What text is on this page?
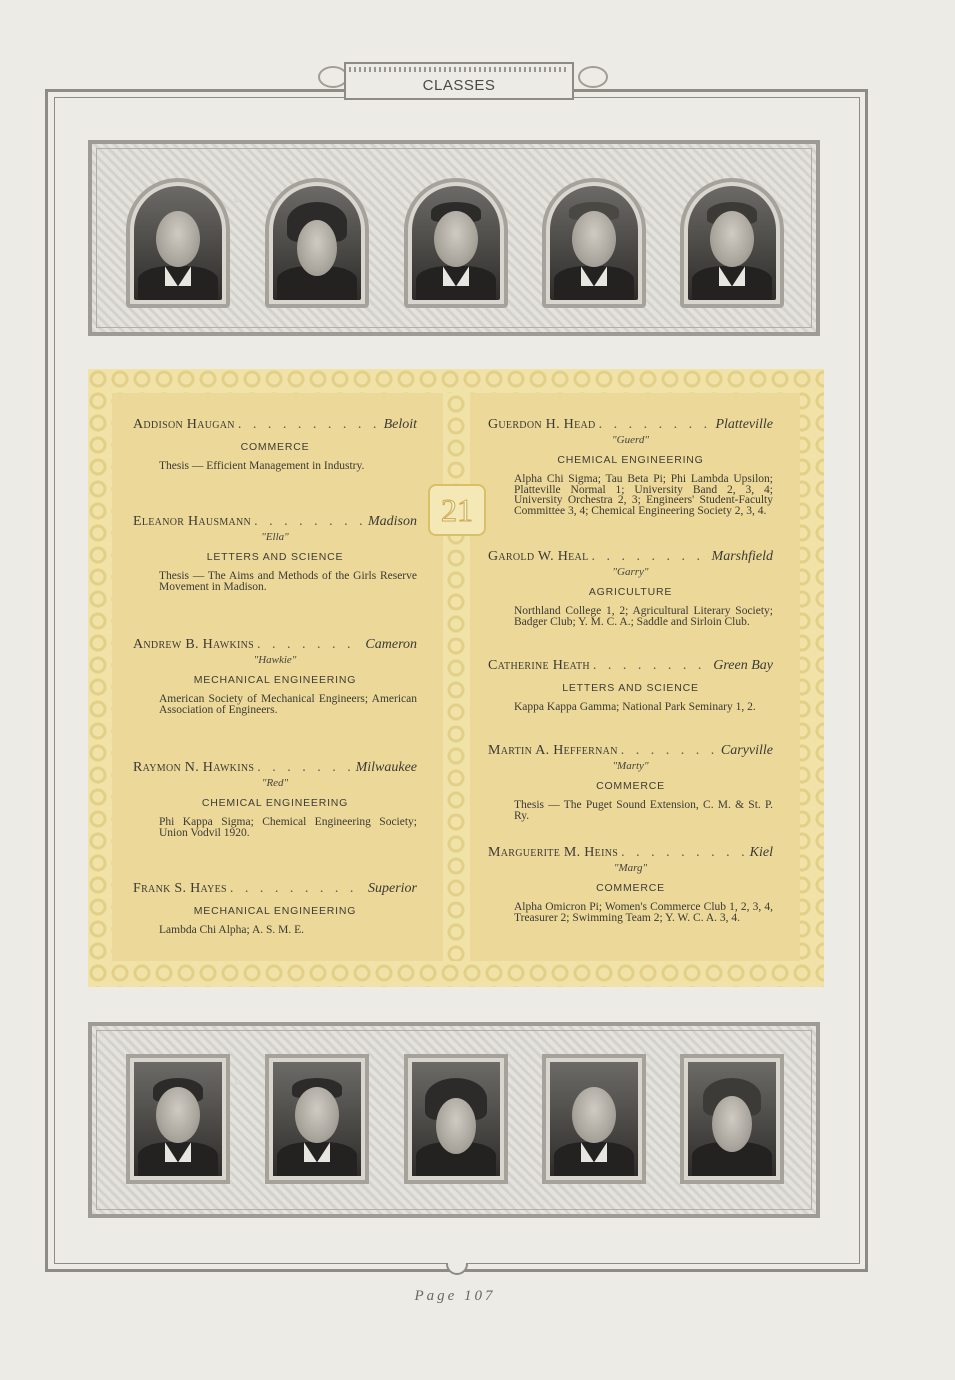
CLASSES
21
Addison Haugan . . .	Beloit
COMMERCE
Thesis — Efficient Management in Industry.
Eleanor Hausmann . . .	Madison
"Ella"
LETTERS AND SCIENCE
Thesis — The Aims and Methods of the Girls Reserve Movement in Madison.
Andrew B. Hawkins . . .	Cameron
"Hawkie"
MECHANICAL ENGINEERING
American Society of Mechanical Engineers; American Association of Engineers.
Raymon N. Hawkins . . .	Milwaukee
"Red"
CHEMICAL ENGINEERING
Phi Kappa Sigma; Chemical Engineering Society; Union Vodvil 1920.
Frank S. Hayes . . .	Superior
MECHANICAL ENGINEERING
Lambda Chi Alpha; A. S. M. E.
Guerdon H. Head . . .	Platteville
"Guerd"
CHEMICAL ENGINEERING
Alpha Chi Sigma; Tau Beta Pi; Phi Lambda Upsilon; Platteville Normal 1; University Band 2, 3, 4; University Orchestra 2, 3; Engineers' Student-Faculty Committee 3, 4; Chemical Engineering Society 2, 3, 4.
Garold W. Heal . . .	Marshfield
"Garry"
AGRICULTURE
Northland College 1, 2; Agricultural Literary Society; Badger Club; Y. M. C. A.; Saddle and Sirloin Club.
Catherine Heath . . .	Green Bay
LETTERS AND SCIENCE
Kappa Kappa Gamma; National Park Seminary 1, 2.
Martin A. Heffernan . . .	Caryville
"Marty"
COMMERCE
Thesis — The Puget Sound Extension, C. M. & St. P. Ry.
Marguerite M. Heins . . .	Kiel
"Marg"
COMMERCE
Alpha Omicron Pi; Women's Commerce Club 1, 2, 3, 4, Treasurer 2; Swimming Team 2; Y. W. C. A. 3, 4.
Page 107
